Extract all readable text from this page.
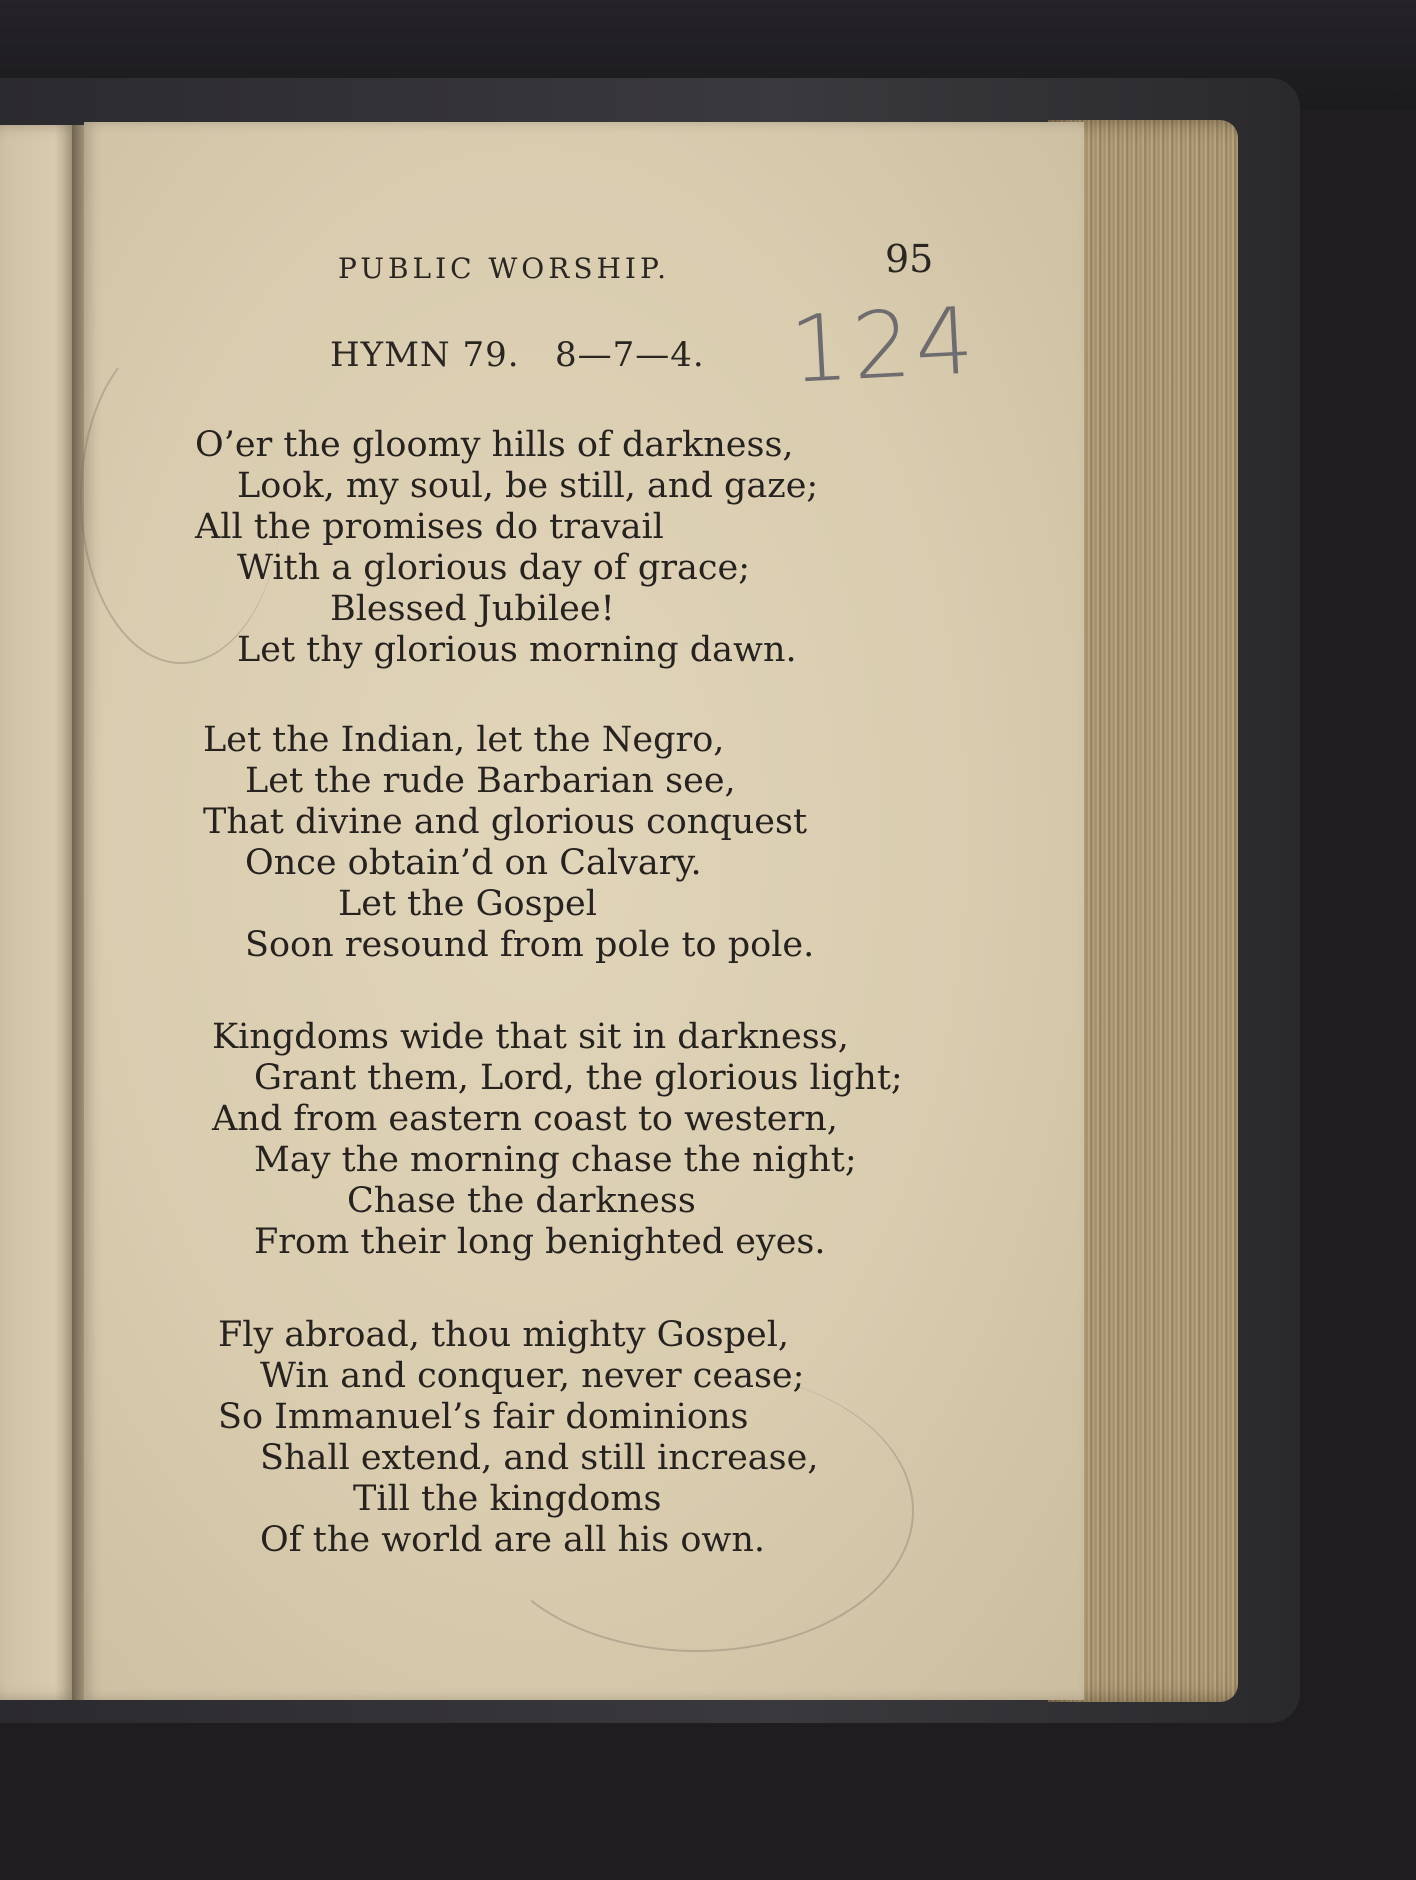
PUBLIC WORSHIP.	95
HYMN 79.   8—7—4. 124
O’er the gloomy hills of darkness,
Look, my soul, be still, and gaze;
All the promises do travail
With a glorious day of grace;
Blessed Jubilee!
Let thy glorious morning dawn.
Let the Indian, let the Negro,
Let the rude Barbarian see,
That divine and glorious conquest
Once obtain’d on Calvary.
Let the Gospel
Soon resound from pole to pole.
Kingdoms wide that sit in darkness,
Grant them, Lord, the glorious light;
And from eastern coast to western,
May the morning chase the night;
Chase the darkness
From their long benighted eyes.
Fly abroad, thou mighty Gospel,
Win and conquer, never cease;
So Immanuel’s fair dominions
Shall extend, and still increase,
Till the kingdoms
Of the world are all his own.
